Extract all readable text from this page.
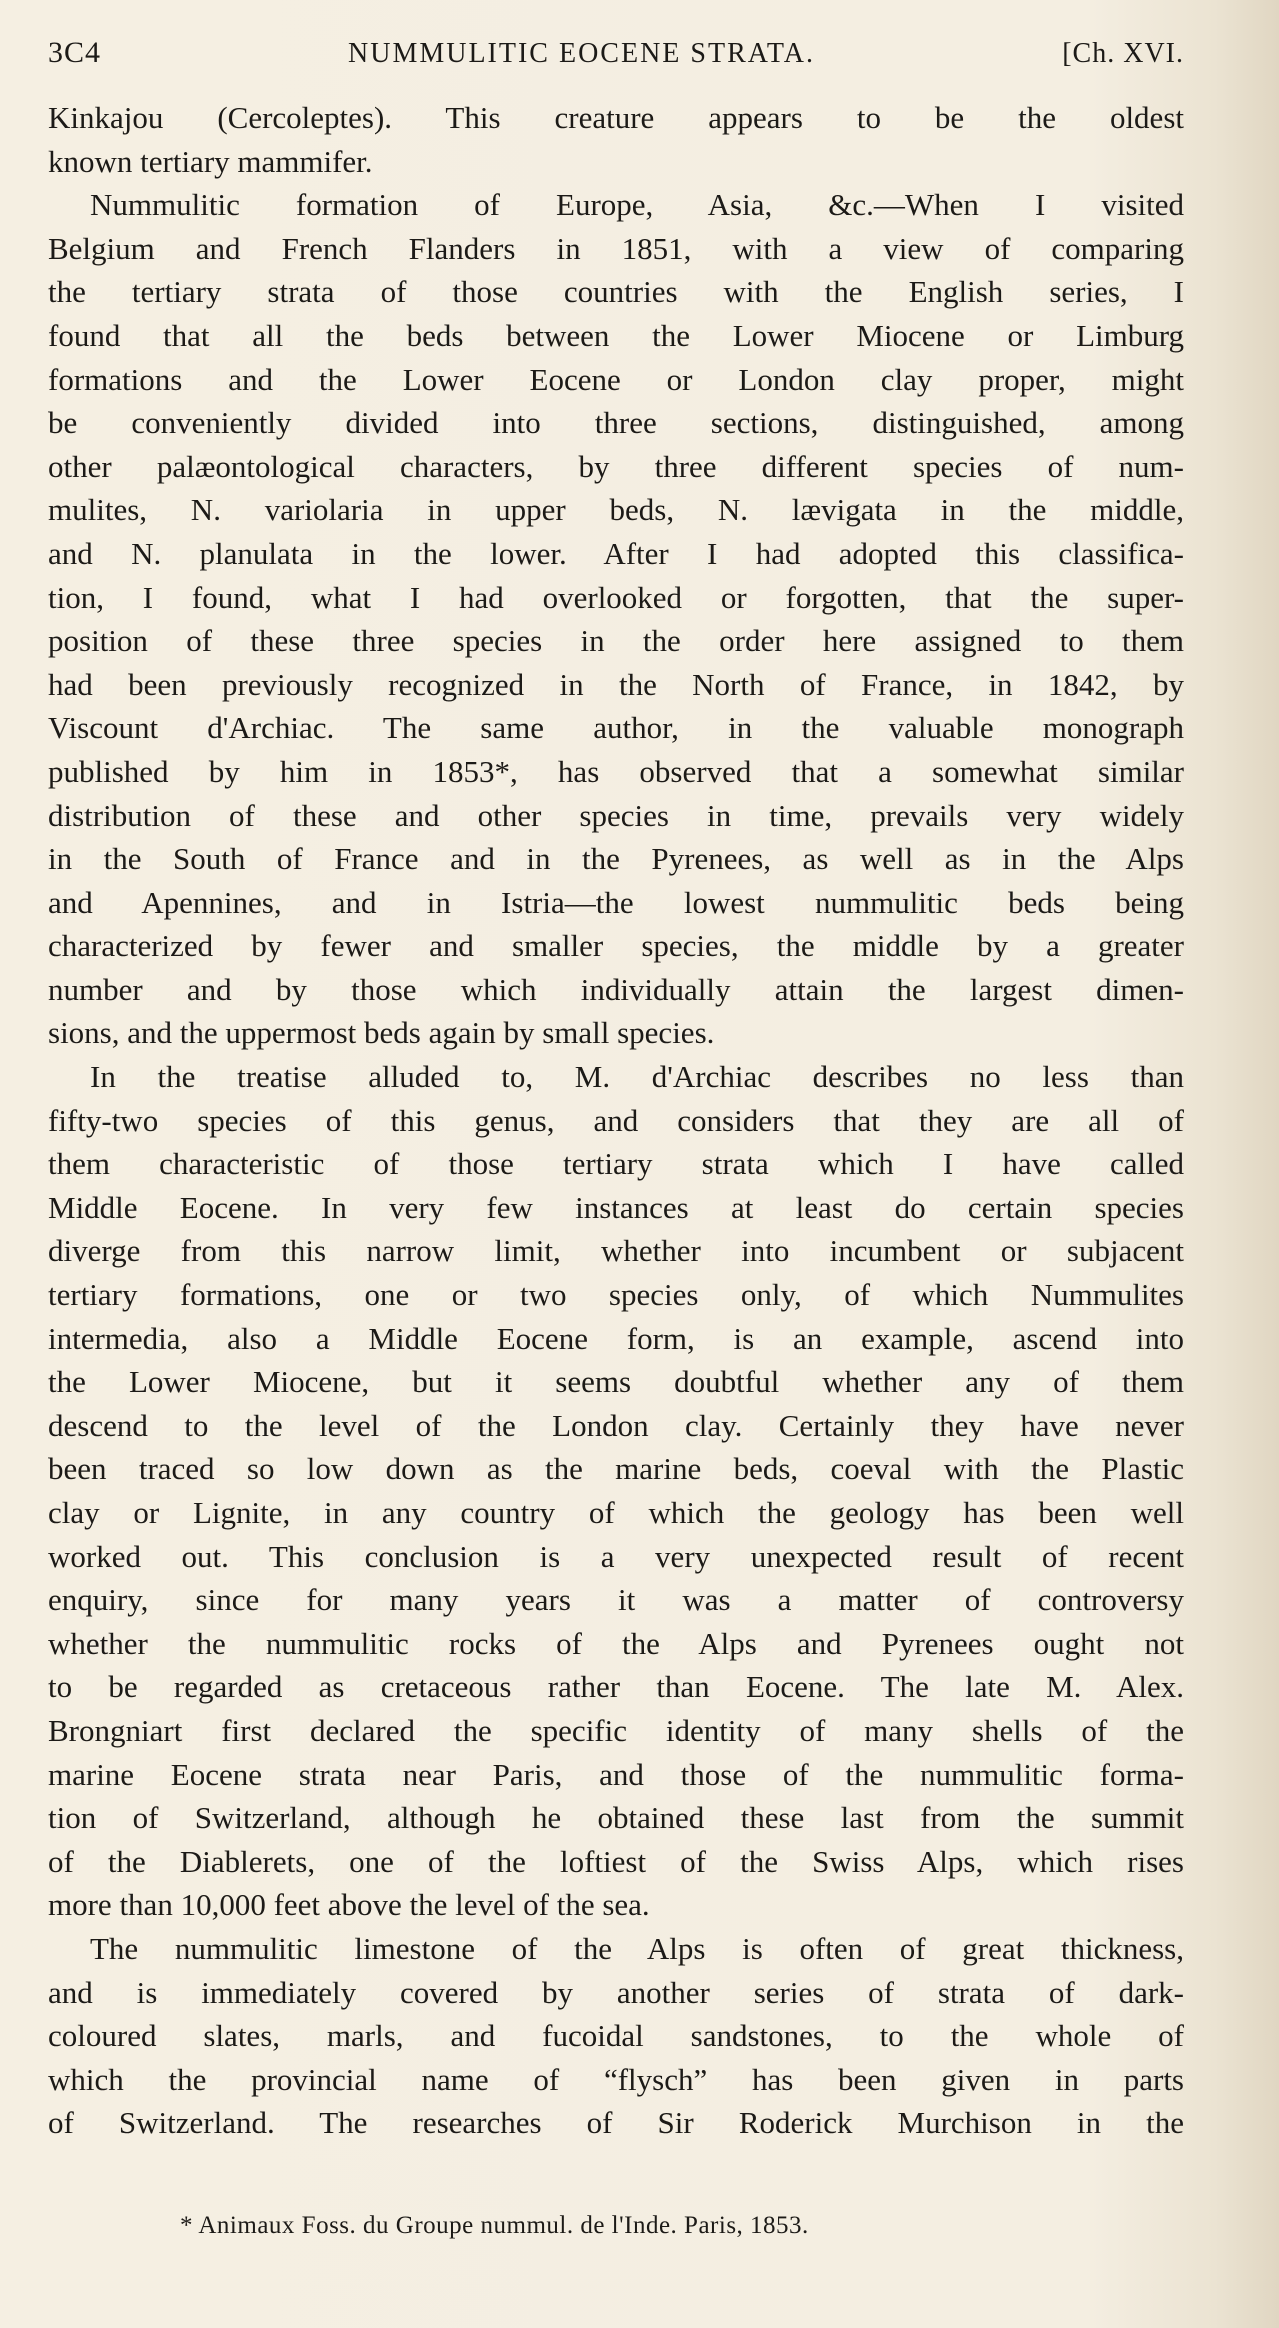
3C4	NUMMULITIC EOCENE STRATA.	[Ch. XVI.
Kinkajou (Cercoleptes). This creature appears to be the oldest
known tertiary mammifer.
Nummulitic formation of Europe, Asia, &c.—When I visited
Belgium and French Flanders in 1851, with a view of comparing
the tertiary strata of those countries with the English series, I
found that all the beds between the Lower Miocene or Limburg
formations and the Lower Eocene or London clay proper, might
be conveniently divided into three sections, distinguished, among
other palæontological characters, by three different species of num-
mulites, N. variolaria in upper beds, N. lævigata in the middle,
and N. planulata in the lower. After I had adopted this classifica-
tion, I found, what I had overlooked or forgotten, that the super-
position of these three species in the order here assigned to them
had been previously recognized in the North of France, in 1842, by
Viscount d'Archiac. The same author, in the valuable monograph
published by him in 1853*, has observed that a somewhat similar
distribution of these and other species in time, prevails very widely
in the South of France and in the Pyrenees, as well as in the Alps
and Apennines, and in Istria—the lowest nummulitic beds being
characterized by fewer and smaller species, the middle by a greater
number and by those which individually attain the largest dimen-
sions, and the uppermost beds again by small species.
In the treatise alluded to, M. d'Archiac describes no less than
fifty-two species of this genus, and considers that they are all of
them characteristic of those tertiary strata which I have called
Middle Eocene. In very few instances at least do certain species
diverge from this narrow limit, whether into incumbent or subjacent
tertiary formations, one or two species only, of which Nummulites
intermedia, also a Middle Eocene form, is an example, ascend into
the Lower Miocene, but it seems doubtful whether any of them
descend to the level of the London clay. Certainly they have never
been traced so low down as the marine beds, coeval with the Plastic
clay or Lignite, in any country of which the geology has been well
worked out. This conclusion is a very unexpected result of recent
enquiry, since for many years it was a matter of controversy
whether the nummulitic rocks of the Alps and Pyrenees ought not
to be regarded as cretaceous rather than Eocene. The late M. Alex.
Brongniart first declared the specific identity of many shells of the
marine Eocene strata near Paris, and those of the nummulitic forma-
tion of Switzerland, although he obtained these last from the summit
of the Diablerets, one of the loftiest of the Swiss Alps, which rises
more than 10,000 feet above the level of the sea.
The nummulitic limestone of the Alps is often of great thickness,
and is immediately covered by another series of strata of dark-
coloured slates, marls, and fucoidal sandstones, to the whole of
which the provincial name of “flysch” has been given in parts
of Switzerland. The researches of Sir Roderick Murchison in the
* Animaux Foss. du Groupe nummul. de l'Inde. Paris, 1853.
